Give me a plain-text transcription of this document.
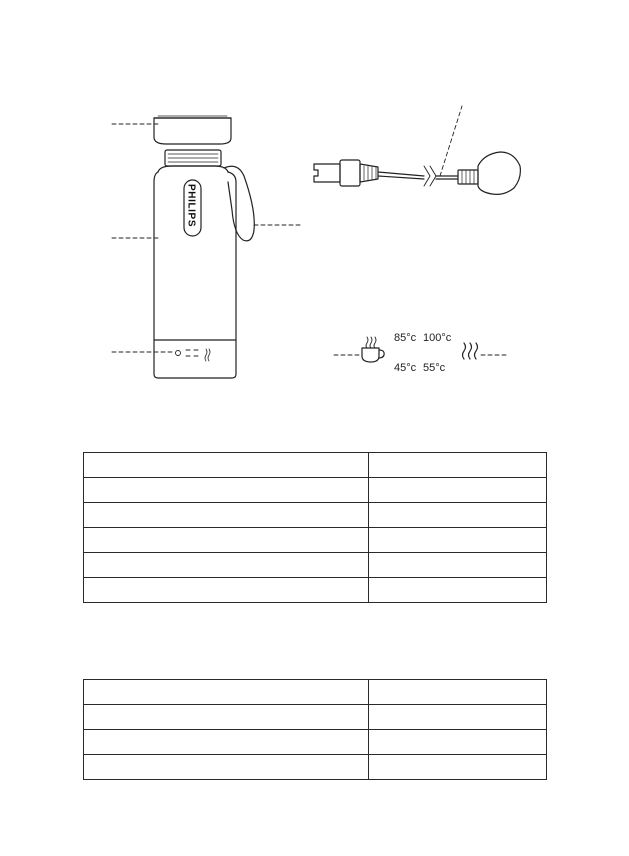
PHILIPS
85°c 100°c
45°c 55°c
